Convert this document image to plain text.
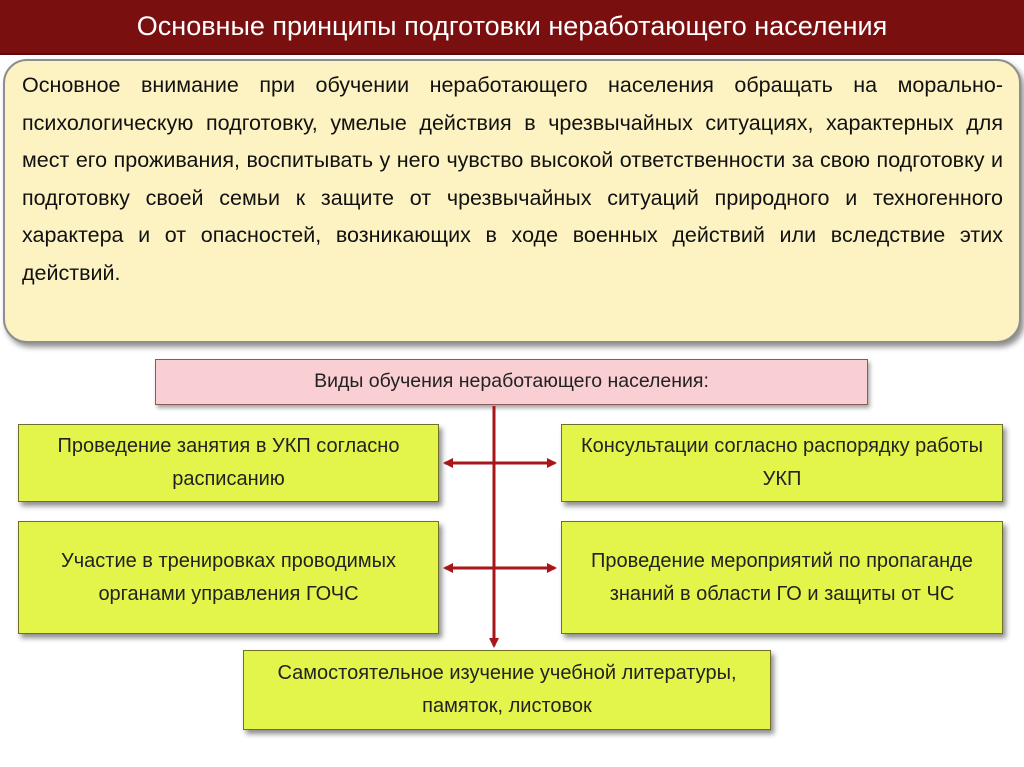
Основные принципы подготовки неработающего населения

Основное внимание при обучении неработающего населения обращать на морально-психологическую подготовку, умелые действия в чрезвычайных ситуациях, характерных для мест его проживания, воспитывать у него чувство высокой ответственности за свою подготовку и подготовку своей семьи к защите от чрезвычайных ситуаций природного и техногенного характера и от опасностей, возникающих в ходе военных действий или вследствие этих действий.

Виды обучения неработающего населения:
Проведение занятия в УКП согласно расписанию
Консультации согласно распорядку работы УКП
Участие в тренировках проводимых органами управления ГОЧС
Проведение мероприятий по пропаганде знаний в области ГО и защиты от ЧС
Самостоятельное изучение учебной литературы, памяток, листовок
